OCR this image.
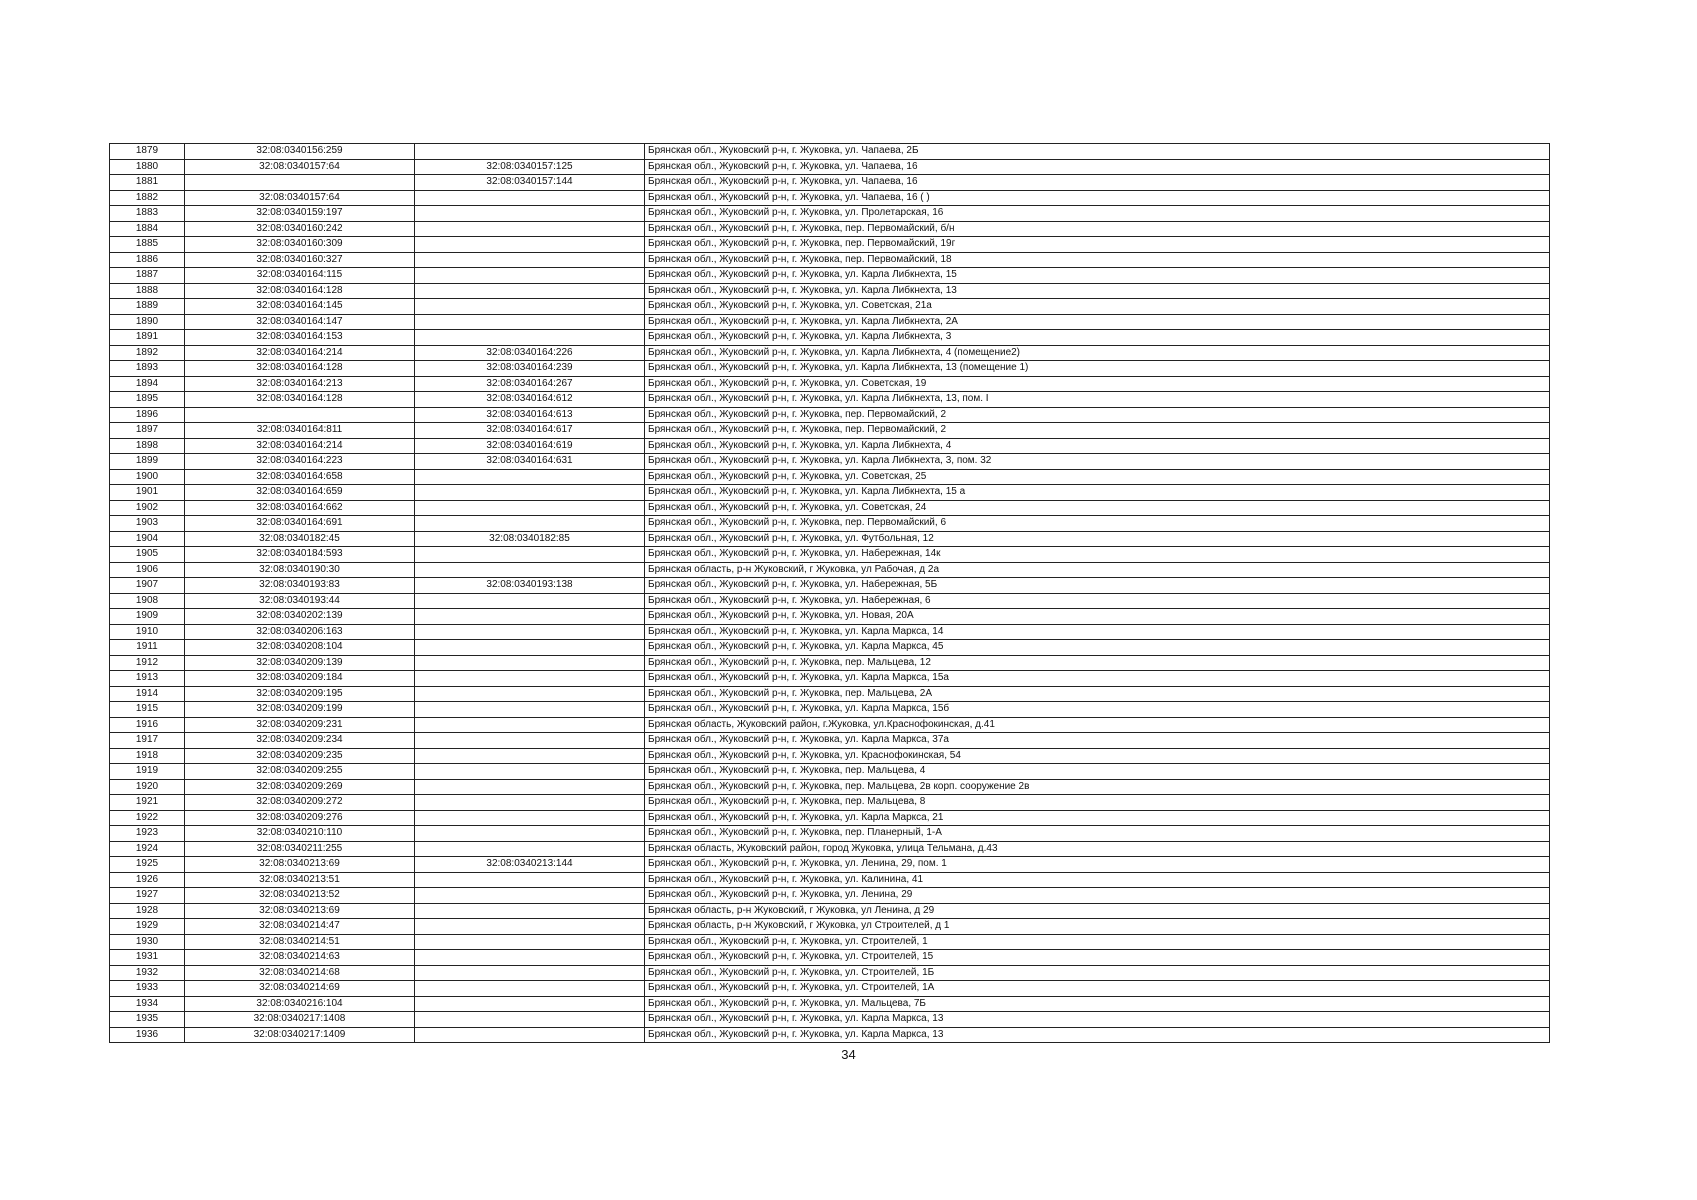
1879	32:08:0340156:259		Брянская обл., Жуковский р-н, г. Жуковка, ул. Чапаева, 2Б
1880	32:08:0340157:64	32:08:0340157:125	Брянская обл., Жуковский р-н, г. Жуковка, ул. Чапаева, 16
1881		32:08:0340157:144	Брянская обл., Жуковский р-н, г. Жуковка, ул. Чапаева, 16
1882	32:08:0340157:64		Брянская обл., Жуковский р-н, г. Жуковка, ул. Чапаева, 16 ( )
1883	32:08:0340159:197		Брянская обл., Жуковский р-н, г. Жуковка, ул. Пролетарская, 16
1884	32:08:0340160:242		Брянская обл., Жуковский р-н, г. Жуковка, пер. Первомайский, б/н
1885	32:08:0340160:309		Брянская обл., Жуковский р-н, г. Жуковка, пер. Первомайский, 19г
1886	32:08:0340160:327		Брянская обл., Жуковский р-н, г. Жуковка, пер. Первомайский, 18
1887	32:08:0340164:115		Брянская обл., Жуковский р-н, г. Жуковка, ул. Карла Либкнехта, 15
1888	32:08:0340164:128		Брянская обл., Жуковский р-н, г. Жуковка, ул. Карла Либкнехта, 13
1889	32:08:0340164:145		Брянская обл., Жуковский р-н, г. Жуковка, ул. Советская, 21а
1890	32:08:0340164:147		Брянская обл., Жуковский р-н, г. Жуковка, ул. Карла Либкнехта, 2А
1891	32:08:0340164:153		Брянская обл., Жуковский р-н, г. Жуковка, ул. Карла Либкнехта, 3
1892	32:08:0340164:214	32:08:0340164:226	Брянская обл., Жуковский р-н, г. Жуковка, ул. Карла Либкнехта, 4 (помещение2)
1893	32:08:0340164:128	32:08:0340164:239	Брянская обл., Жуковский р-н, г. Жуковка, ул. Карла Либкнехта, 13 (помещение 1)
1894	32:08:0340164:213	32:08:0340164:267	Брянская обл., Жуковский р-н, г. Жуковка, ул. Советская, 19
1895	32:08:0340164:128	32:08:0340164:612	Брянская обл., Жуковский р-н, г. Жуковка, ул. Карла Либкнехта, 13, пом. I
1896		32:08:0340164:613	Брянская обл., Жуковский р-н, г. Жуковка, пер. Первомайский, 2
1897	32:08:0340164:811	32:08:0340164:617	Брянская обл., Жуковский р-н, г. Жуковка, пер. Первомайский, 2
1898	32:08:0340164:214	32:08:0340164:619	Брянская обл., Жуковский р-н, г. Жуковка, ул. Карла Либкнехта, 4
1899	32:08:0340164:223	32:08:0340164:631	Брянская обл., Жуковский р-н, г. Жуковка, ул. Карла Либкнехта, 3, пом. 32
1900	32:08:0340164:658		Брянская обл., Жуковский р-н, г. Жуковка, ул. Советская, 25
1901	32:08:0340164:659		Брянская обл., Жуковский р-н, г. Жуковка, ул. Карла Либкнехта, 15 а
1902	32:08:0340164:662		Брянская обл., Жуковский р-н, г. Жуковка, ул. Советская, 24
1903	32:08:0340164:691		Брянская обл., Жуковский р-н, г. Жуковка, пер. Первомайский, 6
1904	32:08:0340182:45	32:08:0340182:85	Брянская обл., Жуковский р-н, г. Жуковка, ул. Футбольная, 12
1905	32:08:0340184:593		Брянская обл., Жуковский р-н, г. Жуковка, ул. Набережная, 14к
1906	32:08:0340190:30		Брянская область, р-н Жуковский, г Жуковка, ул Рабочая, д 2а
1907	32:08:0340193:83	32:08:0340193:138	Брянская обл., Жуковский р-н, г. Жуковка, ул. Набережная, 5Б
1908	32:08:0340193:44		Брянская обл., Жуковский р-н, г. Жуковка, ул. Набережная, 6
1909	32:08:0340202:139		Брянская обл., Жуковский р-н, г. Жуковка, ул. Новая, 20А
1910	32:08:0340206:163		Брянская обл., Жуковский р-н, г. Жуковка, ул. Карла Маркса, 14
1911	32:08:0340208:104		Брянская обл., Жуковский р-н, г. Жуковка, ул. Карла Маркса, 45
1912	32:08:0340209:139		Брянская обл., Жуковский р-н, г. Жуковка, пер. Мальцева, 12
1913	32:08:0340209:184		Брянская обл., Жуковский р-н, г. Жуковка, ул. Карла Маркса, 15а
1914	32:08:0340209:195		Брянская обл., Жуковский р-н, г. Жуковка, пер. Мальцева, 2А
1915	32:08:0340209:199		Брянская обл., Жуковский р-н, г. Жуковка, ул. Карла Маркса, 15б
1916	32:08:0340209:231		Брянская область, Жуковский район, г.Жуковка, ул.Краснофокинская, д.41
1917	32:08:0340209:234		Брянская обл., Жуковский р-н, г. Жуковка, ул. Карла Маркса, 37а
1918	32:08:0340209:235		Брянская обл., Жуковский р-н, г. Жуковка, ул. Краснофокинская, 54
1919	32:08:0340209:255		Брянская обл., Жуковский р-н, г. Жуковка, пер. Мальцева, 4
1920	32:08:0340209:269		Брянская обл., Жуковский р-н, г. Жуковка, пер. Мальцева, 2в корп. сооружение 2в
1921	32:08:0340209:272		Брянская обл., Жуковский р-н, г. Жуковка, пер. Мальцева, 8
1922	32:08:0340209:276		Брянская обл., Жуковский р-н, г. Жуковка, ул. Карла Маркса, 21
1923	32:08:0340210:110		Брянская обл., Жуковский р-н, г. Жуковка, пер. Планерный, 1-А
1924	32:08:0340211:255		Брянская область, Жуковский район, город Жуковка, улица Тельмана, д.43
1925	32:08:0340213:69	32:08:0340213:144	Брянская обл., Жуковский р-н, г. Жуковка, ул. Ленина, 29, пом. 1
1926	32:08:0340213:51		Брянская обл., Жуковский р-н, г. Жуковка, ул. Калинина, 41
1927	32:08:0340213:52		Брянская обл., Жуковский р-н, г. Жуковка, ул. Ленина, 29
1928	32:08:0340213:69		Брянская область, р-н Жуковский, г Жуковка, ул Ленина, д 29
1929	32:08:0340214:47		Брянская область, р-н Жуковский, г Жуковка, ул Строителей, д 1
1930	32:08:0340214:51		Брянская обл., Жуковский р-н, г. Жуковка, ул. Строителей, 1
1931	32:08:0340214:63		Брянская обл., Жуковский р-н, г. Жуковка, ул. Строителей, 15
1932	32:08:0340214:68		Брянская обл., Жуковский р-н, г. Жуковка, ул. Строителей, 1Б
1933	32:08:0340214:69		Брянская обл., Жуковский р-н, г. Жуковка, ул. Строителей, 1А
1934	32:08:0340216:104		Брянская обл., Жуковский р-н, г. Жуковка, ул. Мальцева, 7Б
1935	32:08:0340217:1408		Брянская обл., Жуковский р-н, г. Жуковка, ул. Карла Маркса, 13
1936	32:08:0340217:1409		Брянская обл., Жуковский р-н, г. Жуковка, ул. Карла Маркса, 13
34
